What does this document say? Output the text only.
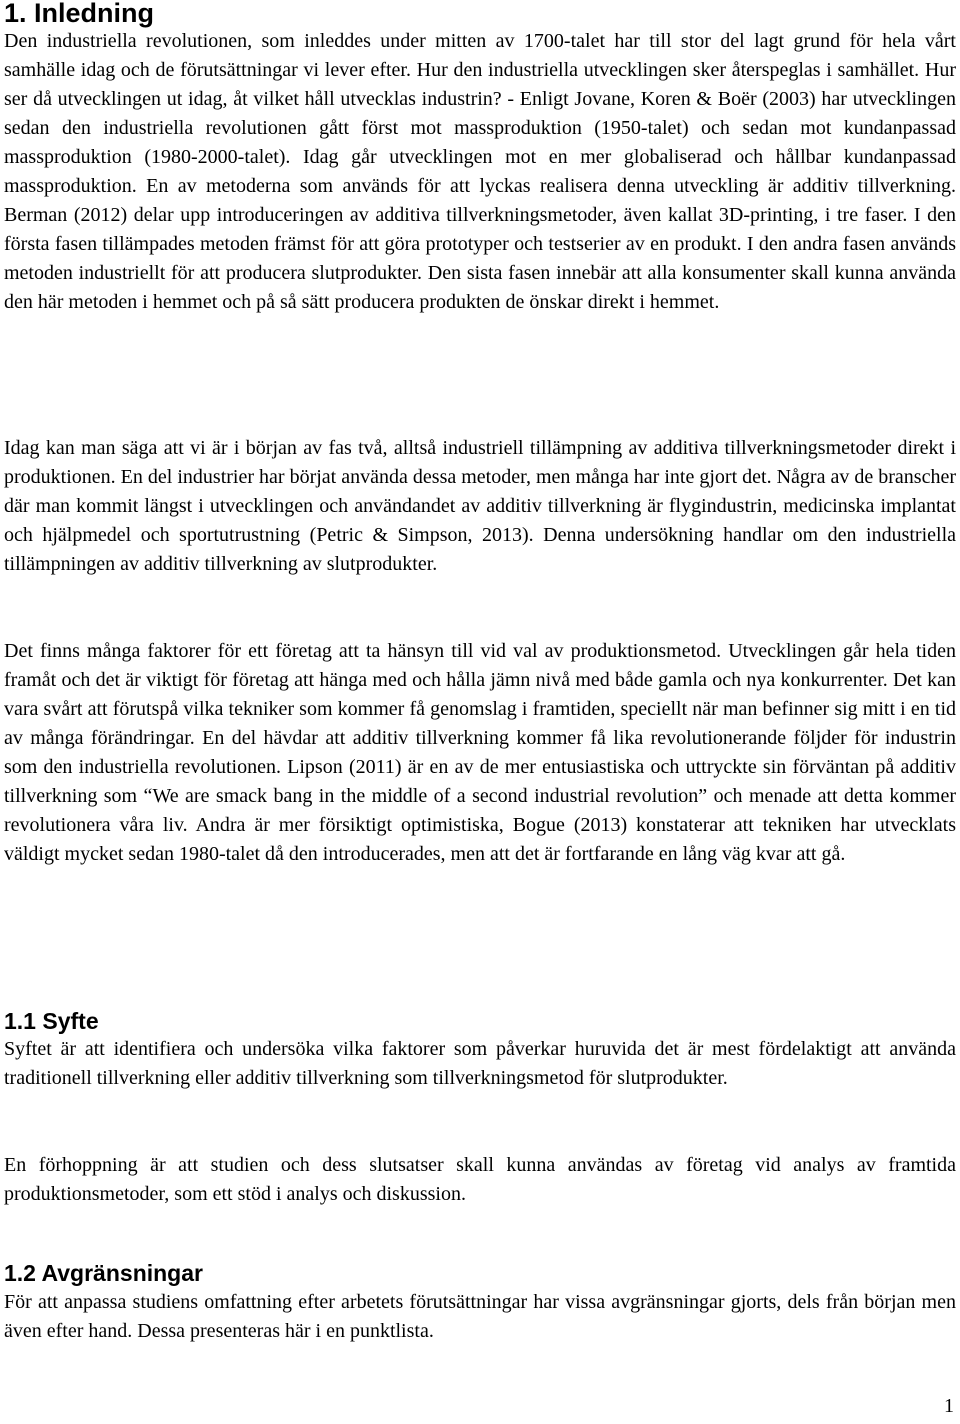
1. Inledning

Den industriella revolutionen, som inleddes under mitten av 1700-talet har till stor del lagt grund för hela vårt samhälle idag och de förutsättningar vi lever efter. Hur den industriella utvecklingen sker återspeglas i samhället. Hur ser då utvecklingen ut idag, åt vilket håll utvecklas industrin? - Enligt Jovane, Koren & Boër (2003) har utvecklingen sedan den industriella revolutionen gått först mot massproduktion (1950-talet) och sedan mot kundanpassad massproduktion (1980-2000-talet). Idag går utvecklingen mot en mer globaliserad och hållbar kundanpassad massproduktion. En av metoderna som används för att lyckas realisera denna utveckling är additiv tillverkning. Berman (2012) delar upp introduceringen av additiva tillverkningsmetoder, även kallat 3D-printing, i tre faser. I den första fasen tillämpades metoden främst för att göra prototyper och testserier av en produkt. I den andra fasen används metoden industriellt för att producera slutprodukter. Den sista fasen innebär att alla konsumenter skall kunna använda den här metoden i hemmet och på så sätt producera produkten de önskar direkt i hemmet.

Idag kan man säga att vi är i början av fas två, alltså industriell tillämpning av additiva tillverkningsmetoder direkt i produktionen. En del industrier har börjat använda dessa metoder, men många har inte gjort det. Några av de branscher där man kommit längst i utvecklingen och användandet av additiv tillverkning är flygindustrin, medicinska implantat och hjälpmedel och sportutrustning (Petric & Simpson, 2013). Denna undersökning handlar om den industriella tillämpningen av additiv tillverkning av slutprodukter.

Det finns många faktorer för ett företag att ta hänsyn till vid val av produktionsmetod. Utvecklingen går hela tiden framåt och det är viktigt för företag att hänga med och hålla jämn nivå med både gamla och nya konkurrenter. Det kan vara svårt att förutspå vilka tekniker som kommer få genomslag i framtiden, speciellt när man befinner sig mitt i en tid av många förändringar. En del hävdar att additiv tillverkning kommer få lika revolutionerande följder för industrin som den industriella revolutionen. Lipson (2011) är en av de mer entusiastiska och uttryckte sin förväntan på additiv tillverkning som “We are smack bang in the middle of a second industrial revolution” och menade att detta kommer revolutionera våra liv. Andra är mer försiktigt optimistiska, Bogue (2013) konstaterar att tekniken har utvecklats väldigt mycket sedan 1980-talet då den introducerades, men att det är fortfarande en lång väg kvar att gå.

1.1 Syfte

Syftet är att identifiera och undersöka vilka faktorer som påverkar huruvida det är mest fördelaktigt att använda traditionell tillverkning eller additiv tillverkning som tillverkningsmetod för slutprodukter.

En förhoppning är att studien och dess slutsatser skall kunna användas av företag vid analys av framtida produktionsmetoder, som ett stöd i analys och diskussion.

1.2 Avgränsningar

För att anpassa studiens omfattning efter arbetets förutsättningar har vissa avgränsningar gjorts, dels från början men även efter hand. Dessa presenteras här i en punktlista.

1
